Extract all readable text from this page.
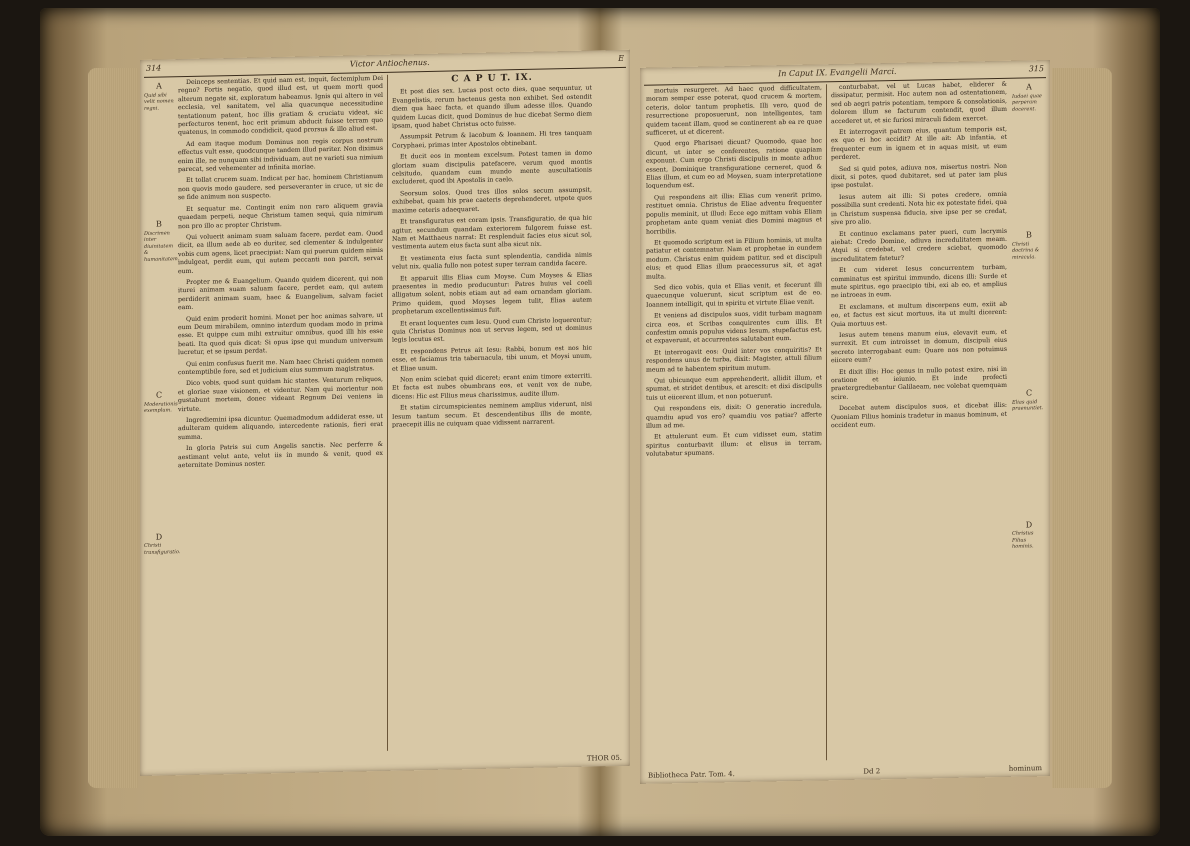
314	Victor Antiochenus.	E
A
Quid sibi velit nomen regni.
B
Discrimen inter diuinitatem & humanitatem.
C
Moderationis exemplum.
D
Christi transfiguratio.

Deinceps sententias. Et quid nam est, inquit, fectemiplum Dei regno? Fortis negatio, quod illud est, ut quem morti quod alterum negate sit, exploratum habeamus. Ignis qui altero in vel ecclesia, vel sanitatem, vel alia quacunque necessitudine tentationum patent, hoc illis gratiam & cruciatu videat, sic perfecturos tenent, hoc erit primum abducit fuisse terram quo quatenus, in commodo condidicit, quod prorsus & illo aliud est.

Ad eam itaque modum Dominus non regis corpus nostrum effectus vult esse, quodcunque tandem illud pariter. Non diximus enim ille, ne nunquam sibi individuam, aut ne varieti sua nimium parecat, sed vehementer ad infinita moriae.

Et tollat crucem suam. Indicat per hac, hominem Christianum non quovis modo gaudere, sed perseveranter in cruce, ut sic de se fide animum non suspecto.

Et sequatur me. Contingit enim non raro aliquem gravia quaedam perpeti, neque Christum tamen sequi, quia nimirum non pro illo ac propter Christum.

Qui voluerit animam suam saluam facere, perdet eam. Quod dicit, ea illum aede ab eo duriter, sed clementer & indulgenter vobis cum agens, licet praecipiat: Nam qui puerum quidem nimis indulgeat, perdit eum, qui autem peccanti non parcit, servat eum.

Propter me & Euangelium. Quando quidem dicerent, qui non iturei animam suam saluam facere, perdet eam, qui autem perdiderit animam suam, haec & Euangelium, salvam faciet eam.

Quid enim proderit homini. Monet per hoc animas salvare, ut eum Deum mirabilem, omnino interdum quodam modo in prima esse. Et quippe cum mihi extruitur omnibus, quod illi his esse beati. Ita quod quis dicat: Si opus ipse qui mundum universum lucretur, et se ipsum perdat.

Qui enim confusus fuerit me. Nam haec Christi quidem nomen contemptibile fore, sed et judicium eius summum magistratus.

Dico vobis, quod sunt quidam hic stantes. Venturum reliquos, et gloriae suae visionem, et videntur. Nam qui morientur non gustabunt mortem, donec videant Regnum Dei veniens in virtute.

Ingrediemini ipsa dicuntur. Quemadmodum addiderat esse, ut adulteram quidem aliquando, intercedente rationis, fieri erat summa.

In gloria Patris sui cum Angelis sanctis. Nec perferre & aestimant velut ante, velut iis in mundo & venit, quod ex aeternitate Dominus noster.

C A P U T. IX.

Et post dies sex. Lucas post octo dies, quae sequuntur, ut Evangelistis, rerum hactenus gesta non exhibet. Sed ostendit diem qua haec facta, et quando illum adesse illos. Quando quidem Lucas dicit, quod Dominus de huc dicebat Sermo diem ipsam, quod habet Christus octo fuisse.

Assumpsit Petrum & Iacobum & Ioannem. Hi tres tanquam Coryphaei, primas inter Apostolos obtinebant.

Et ducit eos in montem excelsum. Potest tamen in domo gloriam suam discipulis patefacere, verum quod montis celsitudo, quandam cum mundo mente auscultationis excluderet, quod ibi Apostolis in caelo.

Seorsum solos. Quod tres illos solos secum assumpsit, exhibebat, quam his prae caeteris deprehenderet, utpote quos maxime ceteris adaequaret.

Et transfiguratus est coram ipsis. Transfiguratio, de qua hic agitur, secundum quandam exteriorem fulgorem fuisse est. Nam et Matthaeus narrat: Et resplenduit facies eius sicut sol, vestimenta autem eius facta sunt alba sicut nix.

Et vestimenta eius facta sunt splendentia, candida nimis velut nix, qualia fullo non potest super terram candida facere.

Et apparuit illis Elias cum Moyse. Cum Moyses & Elias praesentes in medio producuntur: Patres huius vel coeli alligatum solent, nobis etiam aut ad eam ornandam gloriam. Primo quidem, quod Moyses legem tulit, Elias autem prophetarum excellentissimus fuit.

Et erant loquentes cum Iesu. Quod cum Christo loquerentur; quia Christus Dominus non ut servus legem, sed ut dominus legis locutus est.

Et respondens Petrus ait Iesu: Rabbi, bonum est nos hic esse, et faciamus tria tabernacula, tibi unum, et Moysi unum, et Eliae unum.

Non enim sciebat quid diceret; erant enim timore exterriti. Et facta est nubes obumbrans eos, et venit vox de nube, dicens: Hic est Filius meus charissimus, audite illum.

Et statim circumspicientes neminem amplius viderunt, nisi Iesum tantum secum. Et descendentibus illis de monte, praecepit illis ne cuiquam quae vidissent narrarent.

THOR 05.
In Caput IX. Evangelii Marci.	315

mortuis resurgeret. Ad haec quod difficultatem, moram semper esse poterat, quod crucem & mortem, ceteris, dolor tantum prophetis. Illi vero, quod de resurrectione proposuerunt, non intelligentes, tam quidem tacent illam, quod se continerent ab ea re quae sufficeret, ut et dicerent.

Quod ergo Pharisaei dicunt? Quomodo, quae hoc dicunt, ut inter se conferentes, ratione quapiam exponunt. Cum ergo Christi discipulis in monte adhuc essent, Dominique transfiguratione cerneret, quod & Elias illum, et cum eo ad Moysen, suam interpretatione loquendum est.

Qui respondens ait illis: Elias cum venerit primo, restituet omnia. Christus de Eliae adventu frequenter populis meminit, ut illud: Ecce ego mittam vobis Eliam prophetam ante quam veniat dies Domini magnus et horribilis.

Et quomodo scriptum est in Filium hominis, ut multa patiatur et contemnatur. Nam et prophetae in eundem modum. Christus enim quidem patitur, sed et discipuli eius; et quod Elias illum praecessurus sit, et agat multa.

Sed dico vobis, quia et Elias venit, et fecerunt illi quaecunque voluerunt, sicut scriptum est de eo. Ioannem intelligit, qui in spiritu et virtute Eliae venit.

Et veniens ad discipulos suos, vidit turbam magnam circa eos, et Scribas conquirentes cum illis. Et confestim omnis populus videns Iesum, stupefactus est, et expaverunt, et accurrentes salutabant eum.

Et interrogavit eos: Quid inter vos conquiritis? Et respondens unus de turba, dixit: Magister, attuli filium meum ad te habentem spiritum mutum.

Qui ubicunque eum apprehenderit, allidit illum, et spumat, et stridet dentibus, et arescit: et dixi discipulis tuis ut eiicerent illum, et non potuerunt.

Qui respondens eis, dixit: O generatio incredula, quamdiu apud vos ero? quamdiu vos patiar? afferte illum ad me.

Et attulerunt eum. Et cum vidisset eum, statim spiritus conturbavit illum: et elisus in terram, volutabatur spumans.

conturbabat, vel ut Lucas habet, eliderer & dissipatur, permisit. Hoc autem non ad ostentationem, sed ob aegri patris potentiam, tempore & consolationis, dolorem illum se facturum contendit, quod illum accederet ut, et sic furiosi miraculi fidem exercet.

Et interrogavit patrem eius, quantum temporis est, ex quo ei hoc accidit? At ille ait: Ab infantia, et frequenter eum in ignem et in aquas misit, ut eum perderet.

Sed si quid potes, adiuva nos, misertus nostri. Non dixit, si potes, quod dubitaret, sed ut pater iam plus ipse postulat.

Iesus autem ait illi: Si potes credere, omnia possibilia sunt credenti. Nota hic ex potestate fidei, qua in Christum suspensa fiducia, sive ipse per se credat, sive pro alio.

Et continuo exclamans pater pueri, cum lacrymis aiebat: Credo Domine, adiuva incredulitatem meam. Atqui si credebat, vel credere sciebat, quomodo incredulitatem fatetur?

Et cum videret Iesus concurrentem turbam, comminatus est spiritui immundo, dicens illi: Surde et mute spiritus, ego praecipio tibi, exi ab eo, et amplius ne introeas in eum.

Et exclamans, et multum discerpens eum, exiit ab eo, et factus est sicut mortuus, ita ut multi dicerent: Quia mortuus est.

Iesus autem tenens manum eius, elevavit eum, et surrexit. Et cum introisset in domum, discipuli eius secreto interrogabant eum: Quare nos non potuimus eiicere eum?

Et dixit illis: Hoc genus in nullo potest exire, nisi in oratione et ieiunio. Et inde profecti praetergrediebantur Galilaeam, nec volebat quemquam scire.

Docebat autem discipulos suos, et dicebat illis: Quoniam Filius hominis tradetur in manus hominum, et occident eum.

A
Iudaei quae perperam docerent.
B
Christi doctrina & miracula.
C
Elias quid praenuntiet.
D
Christus Filius hominis.
Bibliotheca Patr. Tom. 4.	Dd 2	hominum
